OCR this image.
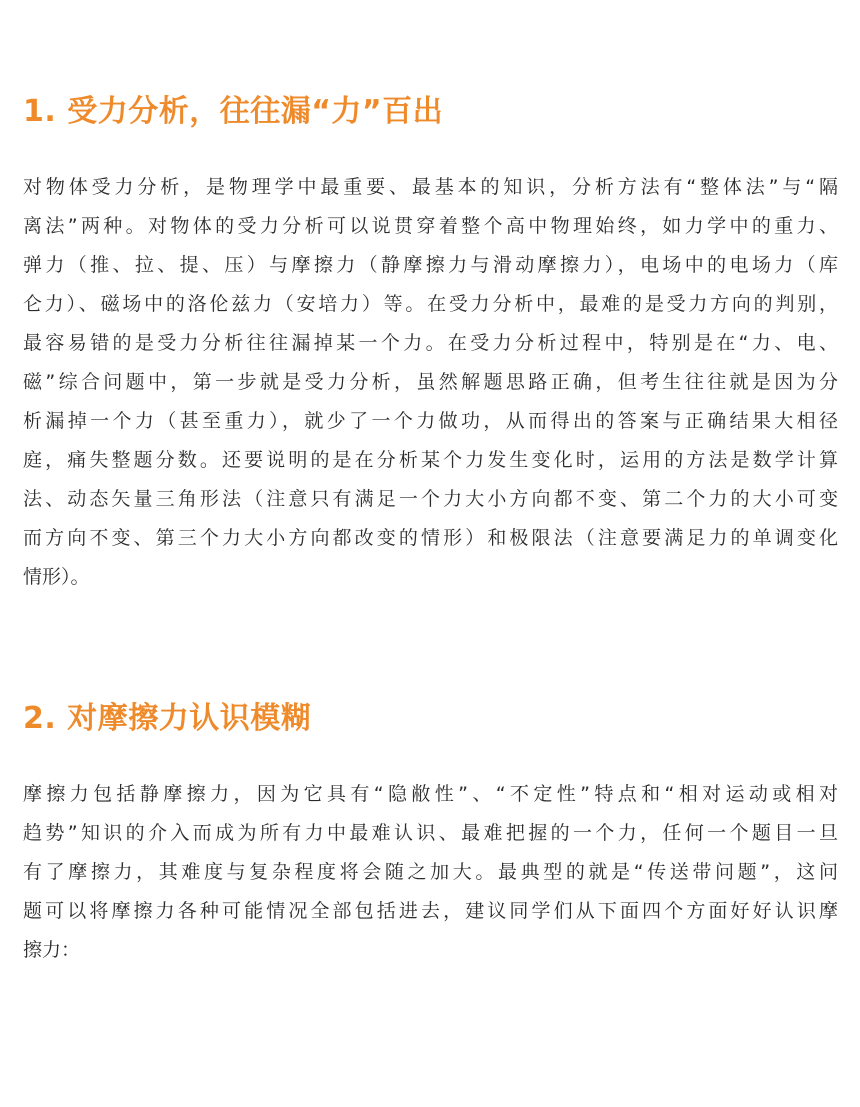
1. 受力分析，往往漏“力”百出
对物体受力分析，是物理学中最重要、最基本的知识，分析方法有“整体法”与“隔
离法”两种。对物体的受力分析可以说贯穿着整个高中物理始终，如力学中的重力、
弹力（推、拉、提、压）与摩擦力（静摩擦力与滑动摩擦力），电场中的电场力（库
仑力）、磁场中的洛伦兹力（安培力）等。在受力分析中，最难的是受力方向的判别，
最容易错的是受力分析往往漏掉某一个力。在受力分析过程中，特别是在“力、电、
磁”综合问题中，第一步就是受力分析，虽然解题思路正确，但考生往往就是因为分
析漏掉一个力（甚至重力），就少了一个力做功，从而得出的答案与正确结果大相径
庭，痛失整题分数。还要说明的是在分析某个力发生变化时，运用的方法是数学计算
法、动态矢量三角形法（注意只有满足一个力大小方向都不变、第二个力的大小可变
而方向不变、第三个力大小方向都改变的情形）和极限法（注意要满足力的单调变化
情形）。
2. 对摩擦力认识模糊
摩擦力包括静摩擦力，因为它具有“隐敝性”、“不定性”特点和“相对运动或相对
趋势”知识的介入而成为所有力中最难认识、最难把握的一个力，任何一个题目一旦
有了摩擦力，其难度与复杂程度将会随之加大。最典型的就是“传送带问题”，这问
题可以将摩擦力各种可能情况全部包括进去，建议同学们从下面四个方面好好认识摩
擦力：
